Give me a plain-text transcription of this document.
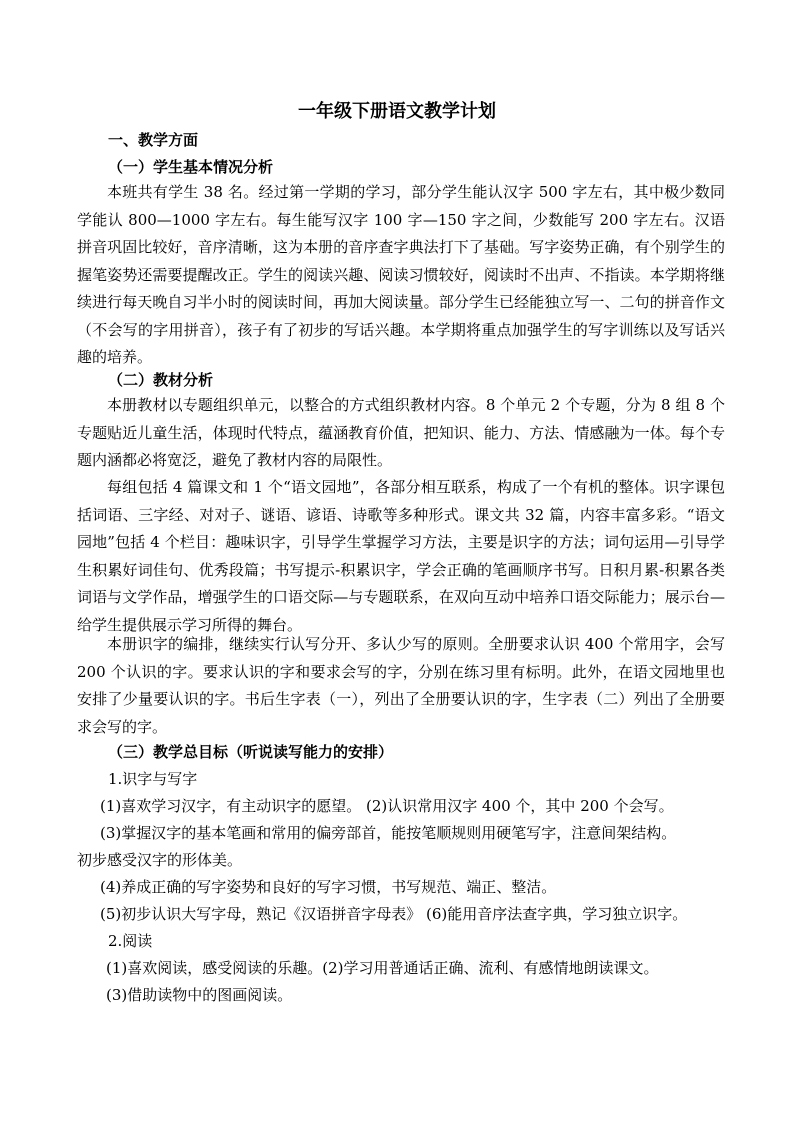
一年级下册语文教学计划

一、教学方面

（一）学生基本情况分析

本班共有学生 38 名。经过第一学期的学习，部分学生能认汉字 500 字左右，其中极少数同学能认 800—1000 字左右。每生能写汉字 100 字—150 字之间，少数能写 200 字左右。汉语拼音巩固比较好，音序清晰，这为本册的音序查字典法打下了基础。写字姿势正确，有个别学生的握笔姿势还需要提醒改正。学生的阅读兴趣、阅读习惯较好，阅读时不出声、不指读。本学期将继续进行每天晚自习半小时的阅读时间，再加大阅读量。部分学生已经能独立写一、二句的拼音作文（不会写的字用拼音），孩子有了初步的写话兴趣。本学期将重点加强学生的写字训练以及写话兴趣的培养。

（二）教材分析

本册教材以专题组织单元，以整合的方式组织教材内容。8 个单元 2 个专题，分为 8 组 8 个专题贴近儿童生活，体现时代特点，蕴涵教育价值，把知识、能力、方法、情感融为一体。每个专题内涵都必将宽泛，避免了教材内容的局限性。

每组包括 4 篇课文和 1 个“语文园地”，各部分相互联系，构成了一个有机的整体。识字课包括词语、三字经、对对子、谜语、谚语、诗歌等多种形式。课文共 32 篇，内容丰富多彩。“语文园地”包括 4 个栏目：趣味识字，引导学生掌握学习方法，主要是识字的方法；词句运用—引导学生积累好词佳句、优秀段篇；书写提示-积累识字，学会正确的笔画顺序书写。日积月累-积累各类词语与文学作品，增强学生的口语交际—与专题联系，在双向互动中培养口语交际能力；展示台—给学生提供展示学习所得的舞台。

本册识字的编排，继续实行认写分开、多认少写的原则。全册要求认识 400 个常用字，会写 200 个认识的字。要求认识的字和要求会写的字，分别在练习里有标明。此外，在语文园地里也安排了少量要认识的字。书后生字表（一），列出了全册要认识的字，生字表（二）列出了全册要求会写的字。

（三）教学总目标（听说读写能力的安排）

1.识字与写字

(1)喜欢学习汉字，有主动识字的愿望。 (2)认识常用汉字 400 个，其中 200 个会写。

(3)掌握汉字的基本笔画和常用的偏旁部首，能按笔顺规则用硬笔写字，注意间架结构。

初步感受汉字的形体美。

(4)养成正确的写字姿势和良好的写字习惯，书写规范、端正、整洁。

(5)初步认识大写字母，熟记《汉语拼音字母表》 (6)能用音序法查字典，学习独立识字。

2.阅读

(1)喜欢阅读，感受阅读的乐趣。(2)学习用普通话正确、流利、有感情地朗读课文。

(3)借助读物中的图画阅读。
